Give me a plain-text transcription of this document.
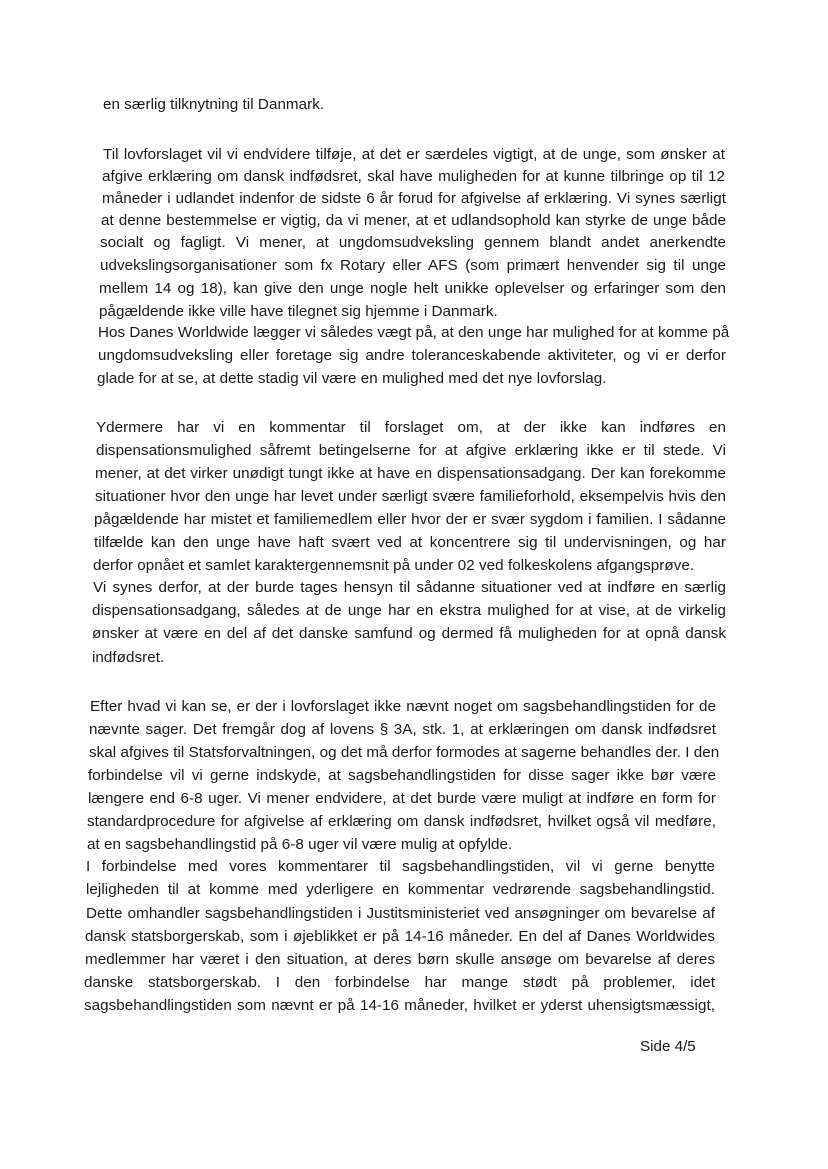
en særlig tilknytning til Danmark.
Til lovforslaget vil vi endvidere tilføje, at det er særdeles vigtigt, at de unge, som ønsker at
afgive erklæring om dansk indfødsret, skal have muligheden for at kunne tilbringe op til 12
måneder i udlandet indenfor de sidste 6 år forud for afgivelse af erklæring. Vi synes særligt
at denne bestemmelse er vigtig, da vi mener, at et udlandsophold kan styrke de unge både
socialt og fagligt. Vi mener, at ungdomsudveksling gennem blandt andet anerkendte
udvekslingsorganisationer som fx Rotary eller AFS (som primært henvender sig til unge
mellem 14 og 18), kan give den unge nogle helt unikke oplevelser og erfaringer som den
pågældende ikke ville have tilegnet sig hjemme i Danmark.
Hos Danes Worldwide lægger vi således vægt på, at den unge har mulighed for at komme på
ungdomsudveksling eller foretage sig andre toleranceskabende aktiviteter, og vi er derfor
glade for at se, at dette stadig vil være en mulighed med det nye lovforslag.
Ydermere har vi en kommentar til forslaget om, at der ikke kan indføres en
dispensationsmulighed såfremt betingelserne for at afgive erklæring ikke er til stede. Vi
mener, at det virker unødigt tungt ikke at have en dispensationsadgang. Der kan forekomme
situationer hvor den unge har levet under særligt svære familieforhold, eksempelvis hvis den
pågældende har mistet et familiemedlem eller hvor der er svær sygdom i familien. I sådanne
tilfælde kan den unge have haft svært ved at koncentrere sig til undervisningen, og har
derfor opnået et samlet karaktergennemsnit på under 02 ved folkeskolens afgangsprøve.
Vi synes derfor, at der burde tages hensyn til sådanne situationer ved at indføre en særlig
dispensationsadgang, således at de unge har en ekstra mulighed for at vise, at de virkelig
ønsker at være en del af det danske samfund og dermed få muligheden for at opnå dansk
indfødsret.
Efter hvad vi kan se, er der i lovforslaget ikke nævnt noget om sagsbehandlingstiden for de
nævnte sager. Det fremgår dog af lovens § 3A, stk. 1, at erklæringen om dansk indfødsret
skal afgives til Statsforvaltningen, og det må derfor formodes at sagerne behandles der. I den
forbindelse vil vi gerne indskyde, at sagsbehandlingstiden for disse sager ikke bør være
længere end 6-8 uger. Vi mener endvidere, at det burde være muligt at indføre en form for
standardprocedure for afgivelse af erklæring om dansk indfødsret, hvilket også vil medføre,
at en sagsbehandlingstid på 6-8 uger vil være mulig at opfylde.
I forbindelse med vores kommentarer til sagsbehandlingstiden, vil vi gerne benytte
lejligheden til at komme med yderligere en kommentar vedrørende sagsbehandlingstid.
Dette omhandler sagsbehandlingstiden i Justitsministeriet ved ansøgninger om bevarelse af
dansk statsborgerskab, som i øjeblikket er på 14-16 måneder. En del af Danes Worldwides
medlemmer har været i den situation, at deres børn skulle ansøge om bevarelse af deres
danske statsborgerskab. I den forbindelse har mange stødt på problemer, idet
sagsbehandlingstiden som nævnt er på 14-16 måneder, hvilket er yderst uhensigtsmæssigt,
Side 4/5
